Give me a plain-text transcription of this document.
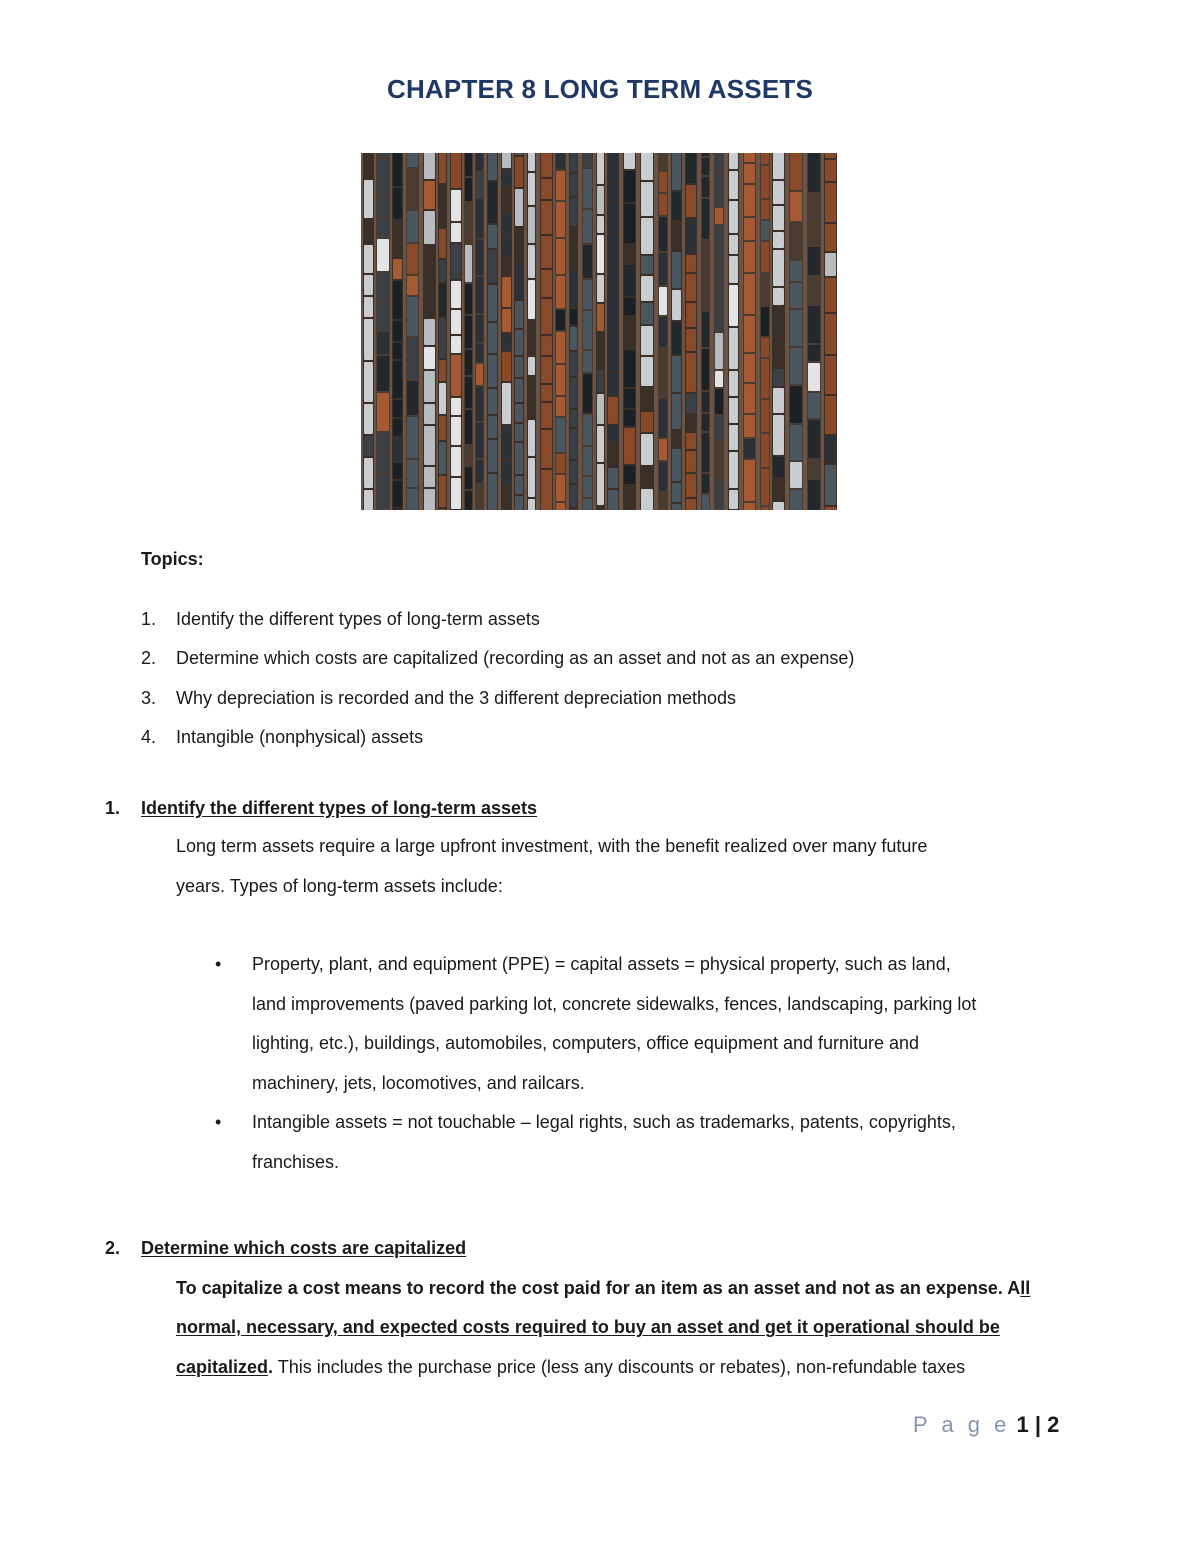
CHAPTER 8 LONG TERM ASSETS
Topics:
1. Identify the different types of long-term assets
2. Determine which costs are capitalized (recording as an asset and not as an expense)
3. Why depreciation is recorded and the 3 different depreciation methods
4. Intangible (nonphysical) assets
1. Identify the different types of long-term assets
Long term assets require a large upfront investment, with the benefit realized over many future
years. Types of long-term assets include:
• Property, plant, and equipment (PPE) = capital assets = physical property, such as land,
land improvements (paved parking lot, concrete sidewalks, fences, landscaping, parking lot
lighting, etc.), buildings, automobiles, computers, office equipment and furniture and
machinery, jets, locomotives, and railcars.
• Intangible assets = not touchable – legal rights, such as trademarks, patents, copyrights,
franchises.
2. Determine which costs are capitalized
To capitalize a cost means to record the cost paid for an item as an asset and not as an expense. All
normal, necessary, and expected costs required to buy an asset and get it operational should be
capitalized. This includes the purchase price (less any discounts or rebates), non-refundable taxes
P a g e 1 | 2
